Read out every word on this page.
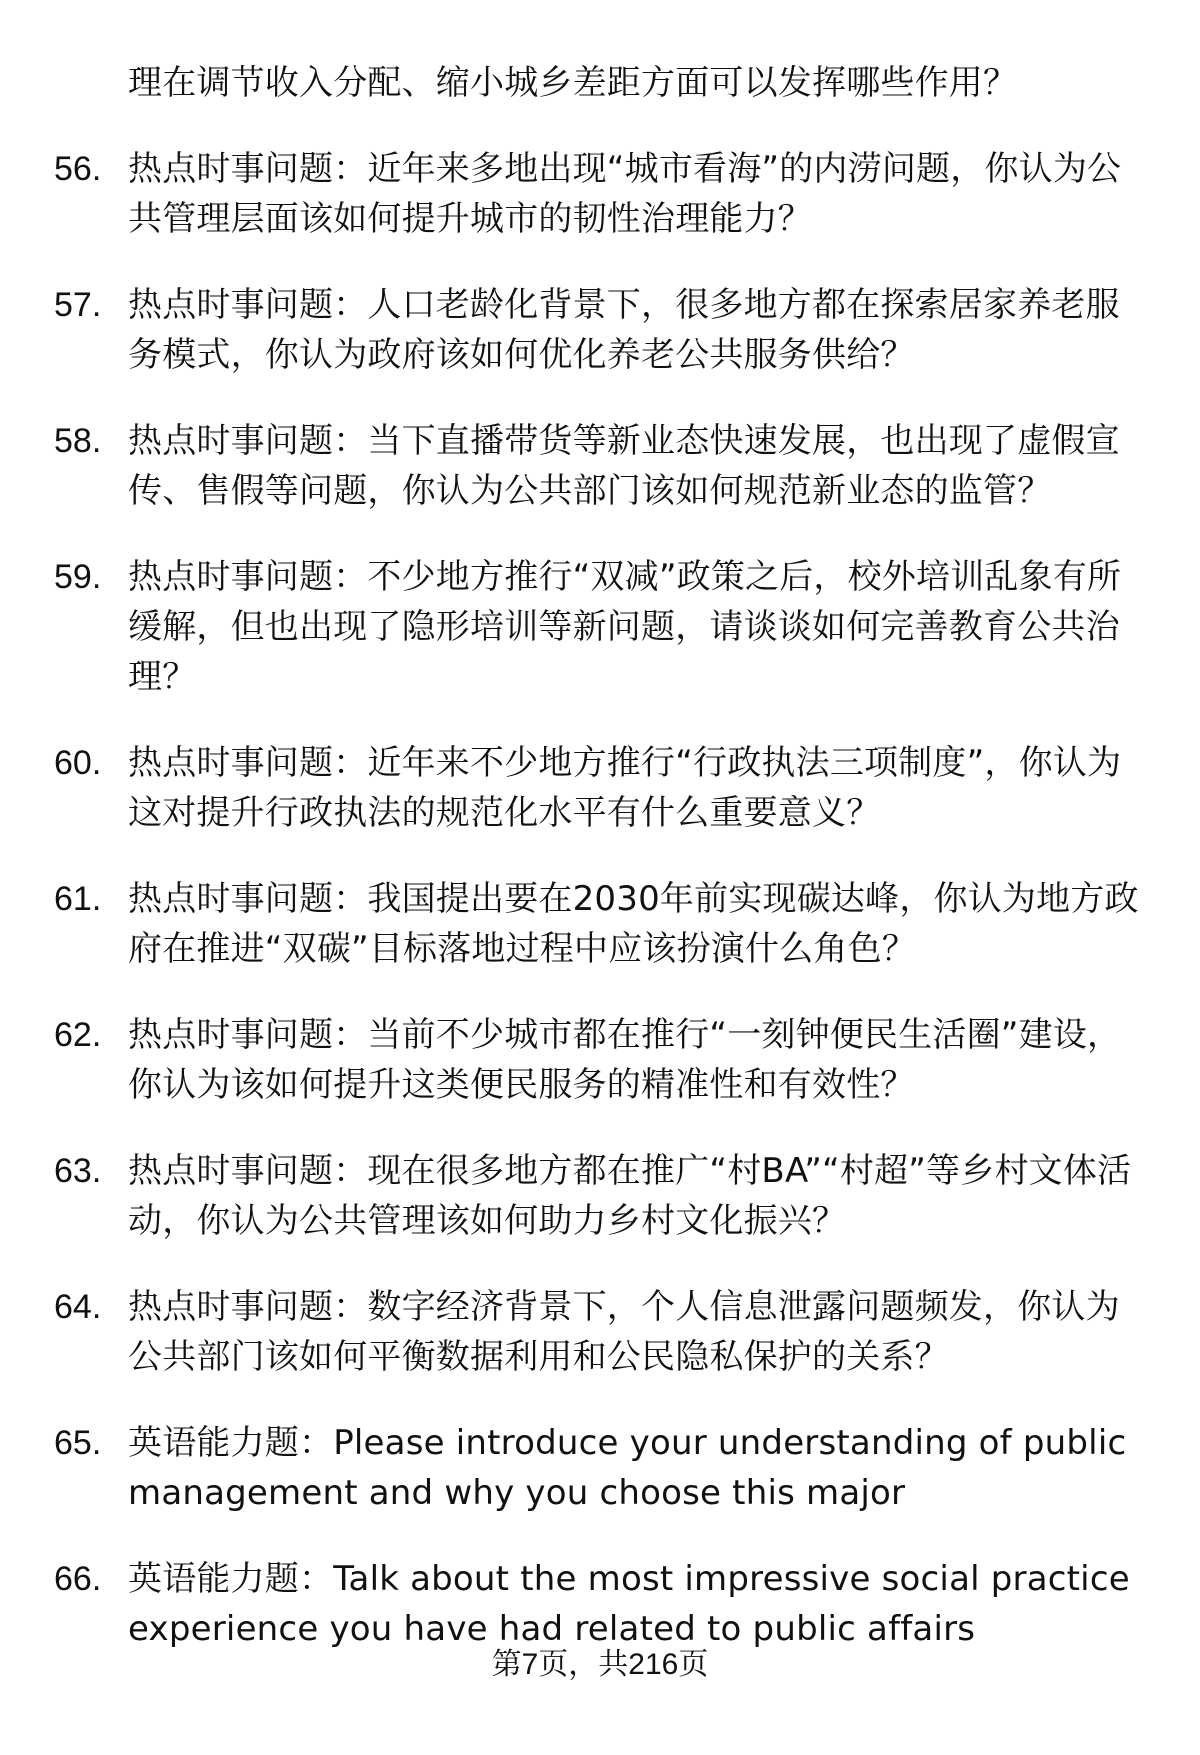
理在调节收入分配、缩小城乡差距方面可以发挥哪些作用？
56. 热点时事问题：近年来多地出现“城市看海”的内涝问题，你认为公共管理层面该如何提升城市的韧性治理能力？
57. 热点时事问题：人口老龄化背景下，很多地方都在探索居家养老服务模式，你认为政府该如何优化养老公共服务供给？
58. 热点时事问题：当下直播带货等新业态快速发展，也出现了虚假宣传、售假等问题，你认为公共部门该如何规范新业态的监管？
59. 热点时事问题：不少地方推行“双减”政策之后，校外培训乱象有所缓解，但也出现了隐形培训等新问题，请谈谈如何完善教育公共治理？
60. 热点时事问题：近年来不少地方推行“行政执法三项制度”，你认为这对提升行政执法的规范化水平有什么重要意义？
61. 热点时事问题：我国提出要在2030年前实现碳达峰，你认为地方政府在推进“双碳”目标落地过程中应该扮演什么角色？
62. 热点时事问题：当前不少城市都在推行“一刻钟便民生活圈”建设，你认为该如何提升这类便民服务的精准性和有效性？
63. 热点时事问题：现在很多地方都在推广“村BA”“村超”等乡村文体活动，你认为公共管理该如何助力乡村文化振兴？
64. 热点时事问题：数字经济背景下，个人信息泄露问题频发，你认为公共部门该如何平衡数据利用和公民隐私保护的关系？
65. 英语能力题：Please introduce your understanding of public management and why you choose this major
66. 英语能力题：Talk about the most impressive social practice experience you have had related to public affairs
第7页，共216页
